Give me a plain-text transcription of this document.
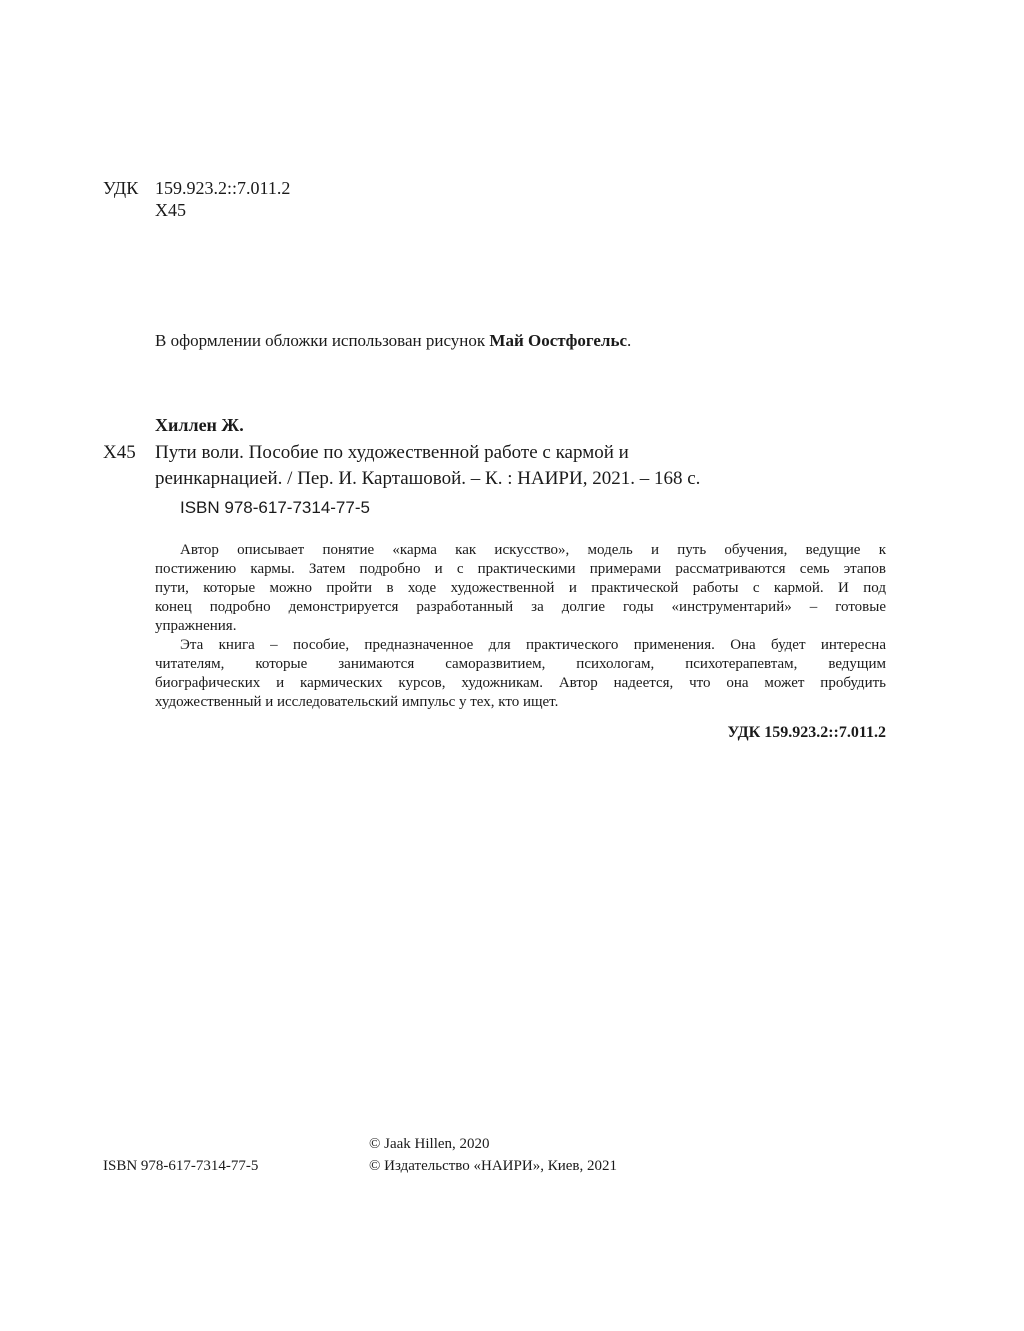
УДК 159.923.2::7.011.2
Х45
В оформлении обложки использован рисунок Май Оостфогельс.
Хиллен Ж.
Х45 Пути воли. Пособие по художественной работе с кармой и
реинкарнацией. / Пер. И. Карташовой. – К. : НАИРИ, 2021. – 168 с.
ISBN 978-617-7314-77-5
Автор описывает понятие «карма как искусство», модель и путь обучения, ведущие к
постижению кармы. Затем подробно и с практическими примерами рассматриваются семь этапов
пути, которые можно пройти в ходе художественной и практической работы с кармой. И под
конец подробно демонстрируется разработанный за долгие годы «инструментарий» – готовые
упражнения.
Эта книга – пособие, предназначенное для практического применения. Она будет интересна
читателям, которые занимаются саморазвитием, психологам, психотерапевтам, ведущим
биографических и кармических курсов, художникам. Автор надеется, что она может пробудить
художественный и исследовательский импульс у тех, кто ищет.
УДК 159.923.2::7.011.2
© Jaak Hillen, 2020
© Издательство «НАИРИ», Киев, 2021
ISBN 978-617-7314-77-5
